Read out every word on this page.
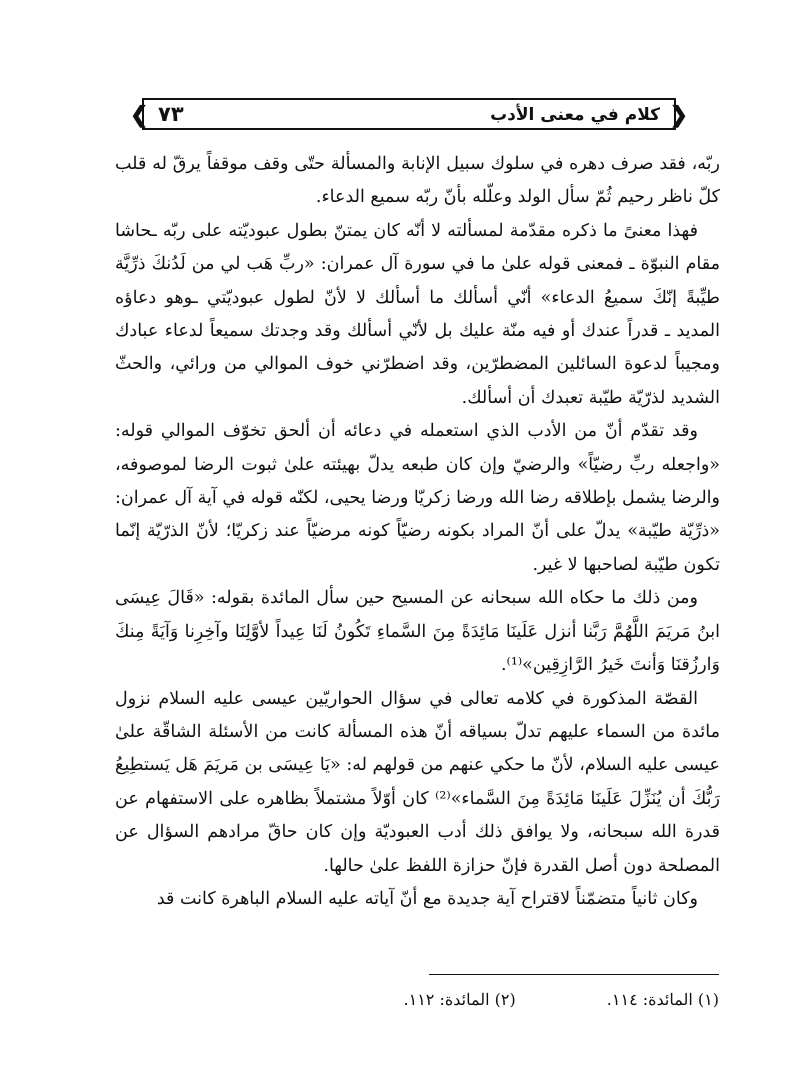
❮
كلام في معنى الأدب
٧٣
❯

ربّه، فقد صرف دهره في سلوك سبيل الإنابة والمسألة حتّى وقف موقفاً يرقّ له قلب كلّ ناظر رحيم ثُمّ سأل الولد وعلّله بأنّ ربّه سميع الدعاء.

فهذا معنىً ما ذكره مقدّمة لمسألته لا أنّه كان يمتنّ بطول عبوديّته على ربّه ـحاشا مقام النبوّة ـ فمعنى قوله علىٰ ما في سورة آل عمران: «ربِّ هَب لي من لَدُنكَ ذرِّيَّة طيِّبةً إنّكَ سميعُ الدعاء» أنّي أسألك ما أسألك لا لأنّ لطول عبوديّتي ـوهو دعاؤه المديد ـ قدراً عندك أو فيه منّة عليك بل لأنّي أسألك وقد وجدتك سميعاً لدعاء عبادك ومجيباً لدعوة السائلين المضطرّين، وقد اضطرّني خوف الموالي من ورائي، والحثّ الشديد لذرّيّة طيّبة تعبدك أن أسألك.

وقد تقدّم أنّ من الأدب الذي استعمله في دعائه أن ألحق تخوّف الموالي قوله: «واجعله ربِّ رضيّاً» والرضيّ وإن كان طبعه يدلّ بهيئته علىٰ ثبوت الرضا لموصوفه، والرضا يشمل بإطلاقه رضا الله ورضا زكريّا ورضا يحيى، لكنّه قوله في آية آل عمران: «ذرِّيّة طيّبة» يدلّ على أنّ المراد بكونه رضيّاً كونه مرضيّاً عند زكريّا؛ لأنّ الذرّيّة إنّما تكون طيّبة لصاحبها لا غير.

ومن ذلك ما حكاه الله سبحانه عن المسيح حين سأل المائدة بقوله: «قَالَ عِيسَى ابنُ مَريَمَ اللَّهُمَّ رَبَّنا أنزل عَلَينَا مَائِدَةً مِنَ السَّماءِ تَكُونُ لَنَا عِيداً لأوَّلِنَا وآخِرِنا وَآيَةً مِنكَ وَارزُقنَا وَأنتَ خَيرُ الرَّازِقِين»⁽¹⁾.

القصّة المذكورة في كلامه تعالى في سؤال الحواريّين عيسى عليه السلام نزول مائدة من السماء عليهم تدلّ بسياقه أنّ هذه المسألة كانت من الأسئلة الشاقّة علىٰ عيسى عليه السلام، لأنّ ما حكي عنهم من قولهم له: «يَا عِيسَى بن مَريَمَ هَل يَستطِيعُ رَبُّكَ أن يُنَزِّلَ عَلَينَا مَائِدَةً مِنَ السَّماء»⁽²⁾ كان أوّلاً مشتملاً بظاهره على الاستفهام عن قدرة الله سبحانه، ولا يوافق ذلك أدب العبوديّة وإن كان حاقّ مرادهم السؤال عن المصلحة دون أصل القدرة فإنّ حزازة اللفظ علىٰ حالها.

وكان ثانياً متضمّناً لاقتراح آية جديدة مع أنّ آياته عليه السلام الباهرة كانت قد

(١) المائدة: ١١٤. (٢) المائدة: ١١٢.
